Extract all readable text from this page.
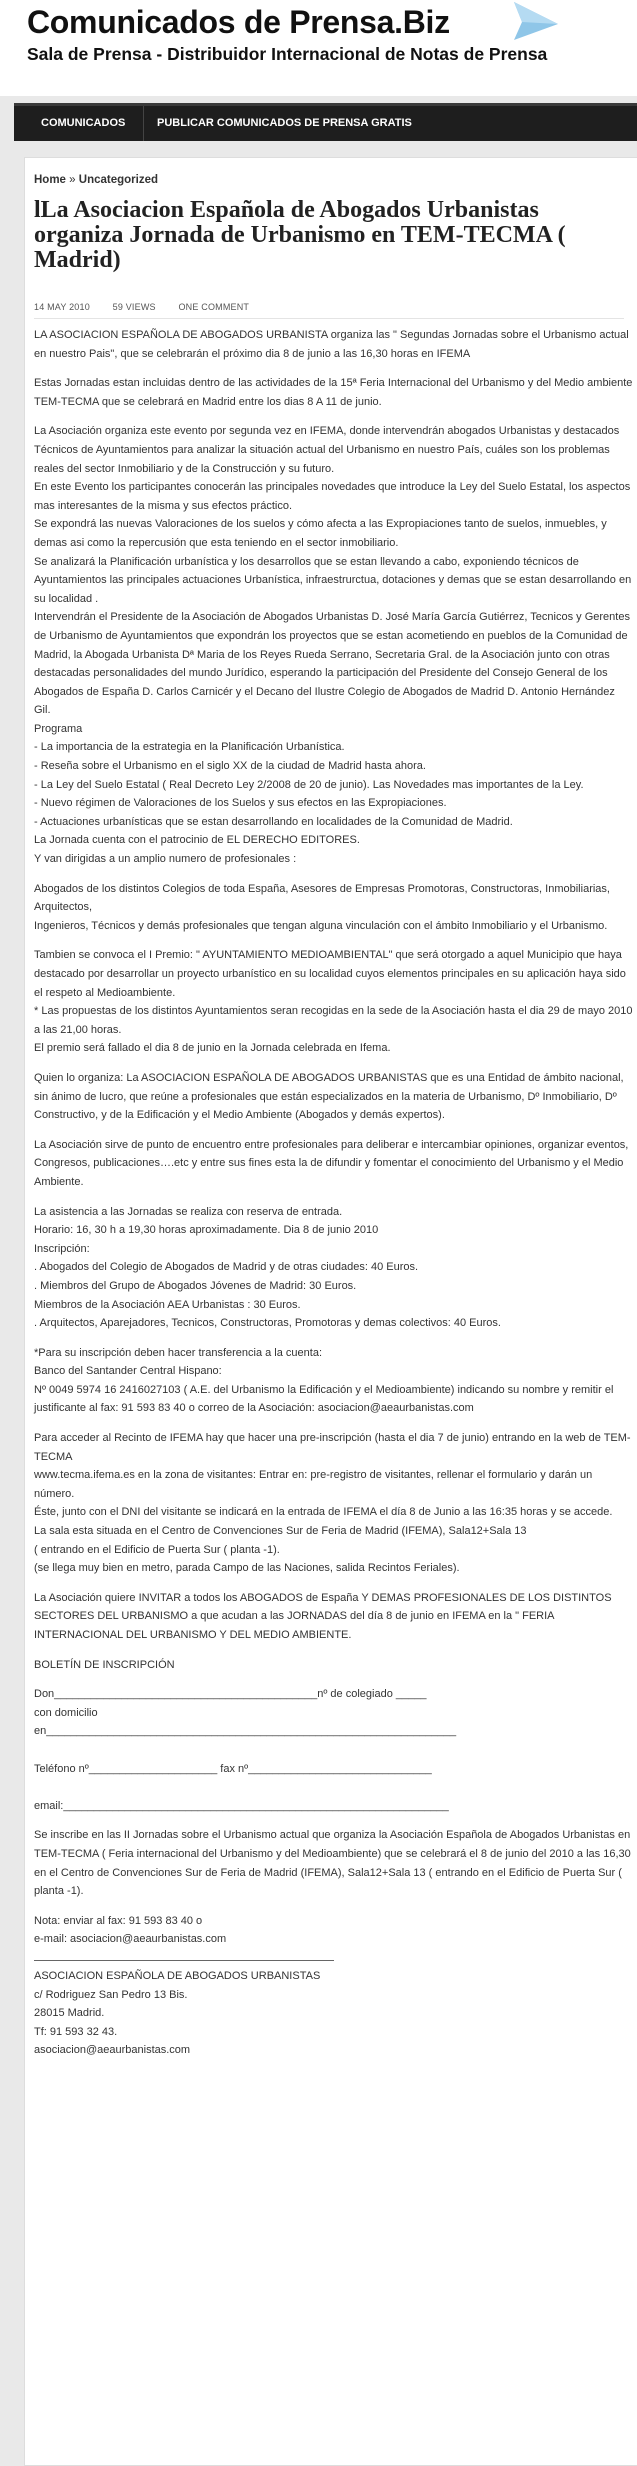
Comunicados de Prensa.Biz
Sala de Prensa - Distribuidor Internacional de Notas de Prensa
COMUNICADOS	PUBLICAR COMUNICADOS DE PRENSA GRATIS
Home » Uncategorized
lLa Asociacion Española de Abogados Urbanistas organiza Jornada de Urbanismo en TEM-TECMA ( Madrid)
14 MAY 2010	59 VIEWS	ONE COMMENT

LA ASOCIACION ESPAÑOLA DE ABOGADOS URBANISTA organiza las " Segundas Jornadas sobre el Urbanismo actual en nuestro Pais", que se celebrarán el próximo dia 8 de junio a las 16,30 horas en IFEMA

Estas Jornadas estan incluidas dentro de las actividades de la 15ª Feria Internacional del Urbanismo y del Medio ambiente TEM-TECMA que se celebrará en Madrid entre los dias 8 A 11 de junio.

La Asociación organiza este evento por segunda vez en IFEMA, donde intervendrán abogados Urbanistas y destacados Técnicos de Ayuntamientos para analizar la situación actual del Urbanismo en nuestro País, cuáles son los problemas reales del sector Inmobiliario y de la Construcción y su futuro.
En este Evento los participantes conocerán las principales novedades que introduce la Ley del Suelo Estatal, los aspectos mas interesantes de la misma y sus efectos práctico.
Se expondrá las nuevas Valoraciones de los suelos y cómo afecta a las Expropiaciones tanto de suelos, inmuebles, y demas asi como la repercusión que esta teniendo en el sector inmobiliario.
Se analizará la Planificación urbanística y los desarrollos que se estan llevando a cabo, exponiendo técnicos de Ayuntamientos las principales actuaciones Urbanística, infraestrurctua, dotaciones y demas que se estan desarrollando en su localidad .
Intervendrán el Presidente de la Asociación de Abogados Urbanistas D. José María García Gutiérrez, Tecnicos y Gerentes de Urbanismo de Ayuntamientos que expondrán los proyectos que se estan acometiendo en pueblos de la Comunidad de Madrid, la Abogada Urbanista Dª Maria de los Reyes Rueda Serrano, Secretaria Gral. de la Asociación junto con otras destacadas personalidades del mundo Jurídico, esperando la participación del Presidente del Consejo General de los Abogados de España D. Carlos Carnicér y el Decano del Ilustre Colegio de Abogados de Madrid D. Antonio Hernández Gil.
Programa
- La importancia de la estrategia en la Planificación Urbanística.
- Reseña sobre el Urbanismo en el siglo XX de la ciudad de Madrid hasta ahora.
- La Ley del Suelo Estatal ( Real Decreto Ley 2/2008 de 20 de junio). Las Novedades mas importantes de la Ley.
- Nuevo régimen de Valoraciones de los Suelos y sus efectos en las Expropiaciones.
- Actuaciones urbanísticas que se estan desarrollando en localidades de la Comunidad de Madrid.
La Jornada cuenta con el patrocinio de EL DERECHO EDITORES.
Y van dirigidas a un amplio numero de profesionales :

Abogados de los distintos Colegios de toda España, Asesores de Empresas Promotoras, Constructoras, Inmobiliarias, Arquitectos,
Ingenieros, Técnicos y demás profesionales que tengan alguna vinculación con el ámbito Inmobiliario y el Urbanismo.

Tambien se convoca el I Premio: " AYUNTAMIENTO MEDIOAMBIENTAL" que será otorgado a aquel Municipio que haya destacado por desarrollar un proyecto urbanístico en su localidad cuyos elementos principales en su aplicación haya sido el respeto al Medioambiente.
* Las propuestas de los distintos Ayuntamientos seran recogidas en la sede de la Asociación hasta el dia 29 de mayo 2010 a las 21,00 horas.
El premio será fallado el dia 8 de junio en la Jornada celebrada en Ifema.

Quien lo organiza: La ASOCIACION ESPAÑOLA DE ABOGADOS URBANISTAS que es una Entidad de ámbito nacional, sin ánimo de lucro, que reúne a profesionales que están especializados en la materia de Urbanismo, Dº Inmobiliario, Dº Constructivo, y de la Edificación y el Medio Ambiente (Abogados y demás expertos).

La Asociación sirve de punto de encuentro entre profesionales para deliberar e intercambiar opiniones, organizar eventos, Congresos, publicaciones….etc y entre sus fines esta la de difundir y fomentar el conocimiento del Urbanismo y el Medio Ambiente.

La asistencia a las Jornadas se realiza con reserva de entrada.
Horario: 16, 30 h a 19,30 horas aproximadamente. Dia 8 de junio 2010
Inscripción:
. Abogados del Colegio de Abogados de Madrid y de otras ciudades: 40 Euros.
. Miembros del Grupo de Abogados Jóvenes de Madrid: 30 Euros.
Miembros de la Asociación AEA Urbanistas : 30 Euros.
. Arquitectos, Aparejadores, Tecnicos, Constructoras, Promotoras y demas colectivos: 40 Euros.

*Para su inscripción deben hacer transferencia a la cuenta:
Banco del Santander Central Hispano:
Nº 0049 5974 16 2416027103 ( A.E. del Urbanismo la Edificación y el Medioambiente) indicando su nombre y remitir el justificante al fax: 91 593 83 40 o correo de la Asociación: asociacion@aeaurbanistas.com

Para acceder al Recinto de IFEMA hay que hacer una pre-inscripción (hasta el dia 7 de junio) entrando en la web de TEM-TECMA
www.tecma.ifema.es en la zona de visitantes: Entrar en: pre-registro de visitantes, rellenar el formulario y darán un número.
Éste, junto con el DNI del visitante se indicará en la entrada de IFEMA el día 8 de Junio a las 16:35 horas y se accede.
La sala esta situada en el Centro de Convenciones Sur de Feria de Madrid (IFEMA), Sala12+Sala 13
( entrando en el Edificio de Puerta Sur ( planta -1).
(se llega muy bien en metro, parada Campo de las Naciones, salida Recintos Feriales).

La Asociación quiere INVITAR a todos los ABOGADOS de España Y DEMAS PROFESIONALES DE LOS DISTINTOS SECTORES DEL URBANISMO a que acudan a las JORNADAS del día 8 de junio en IFEMA en la " FERIA INTERNACIONAL DEL URBANISMO Y DEL MEDIO AMBIENTE.

BOLETÍN DE INSCRIPCIÓN

Don___________________________________________nº de colegiado _____
con domicilio
en___________________________________________________________________
Teléfono nº_____________________ fax nº______________________________
email:_______________________________________________________________

Se inscribe en las II Jornadas sobre el Urbanismo actual que organiza la Asociación Española de Abogados Urbanistas en TEM-TECMA ( Feria internacional del Urbanismo y del Medioambiente) que se celebrará el 8 de junio del 2010 a las 16,30 en el Centro de Convenciones Sur de Feria de Madrid (IFEMA), Sala12+Sala 13 ( entrando en el Edificio de Puerta Sur ( planta -1).

Nota: enviar al fax: 91 593 83 40 o
e-mail: asociacion@aeaurbanistas.com

ASOCIACION ESPAÑOLA DE ABOGADOS URBANISTAS
c/ Rodriguez San Pedro 13 Bis.
28015 Madrid.
Tf: 91 593 32 43.
asociacion@aeaurbanistas.com
